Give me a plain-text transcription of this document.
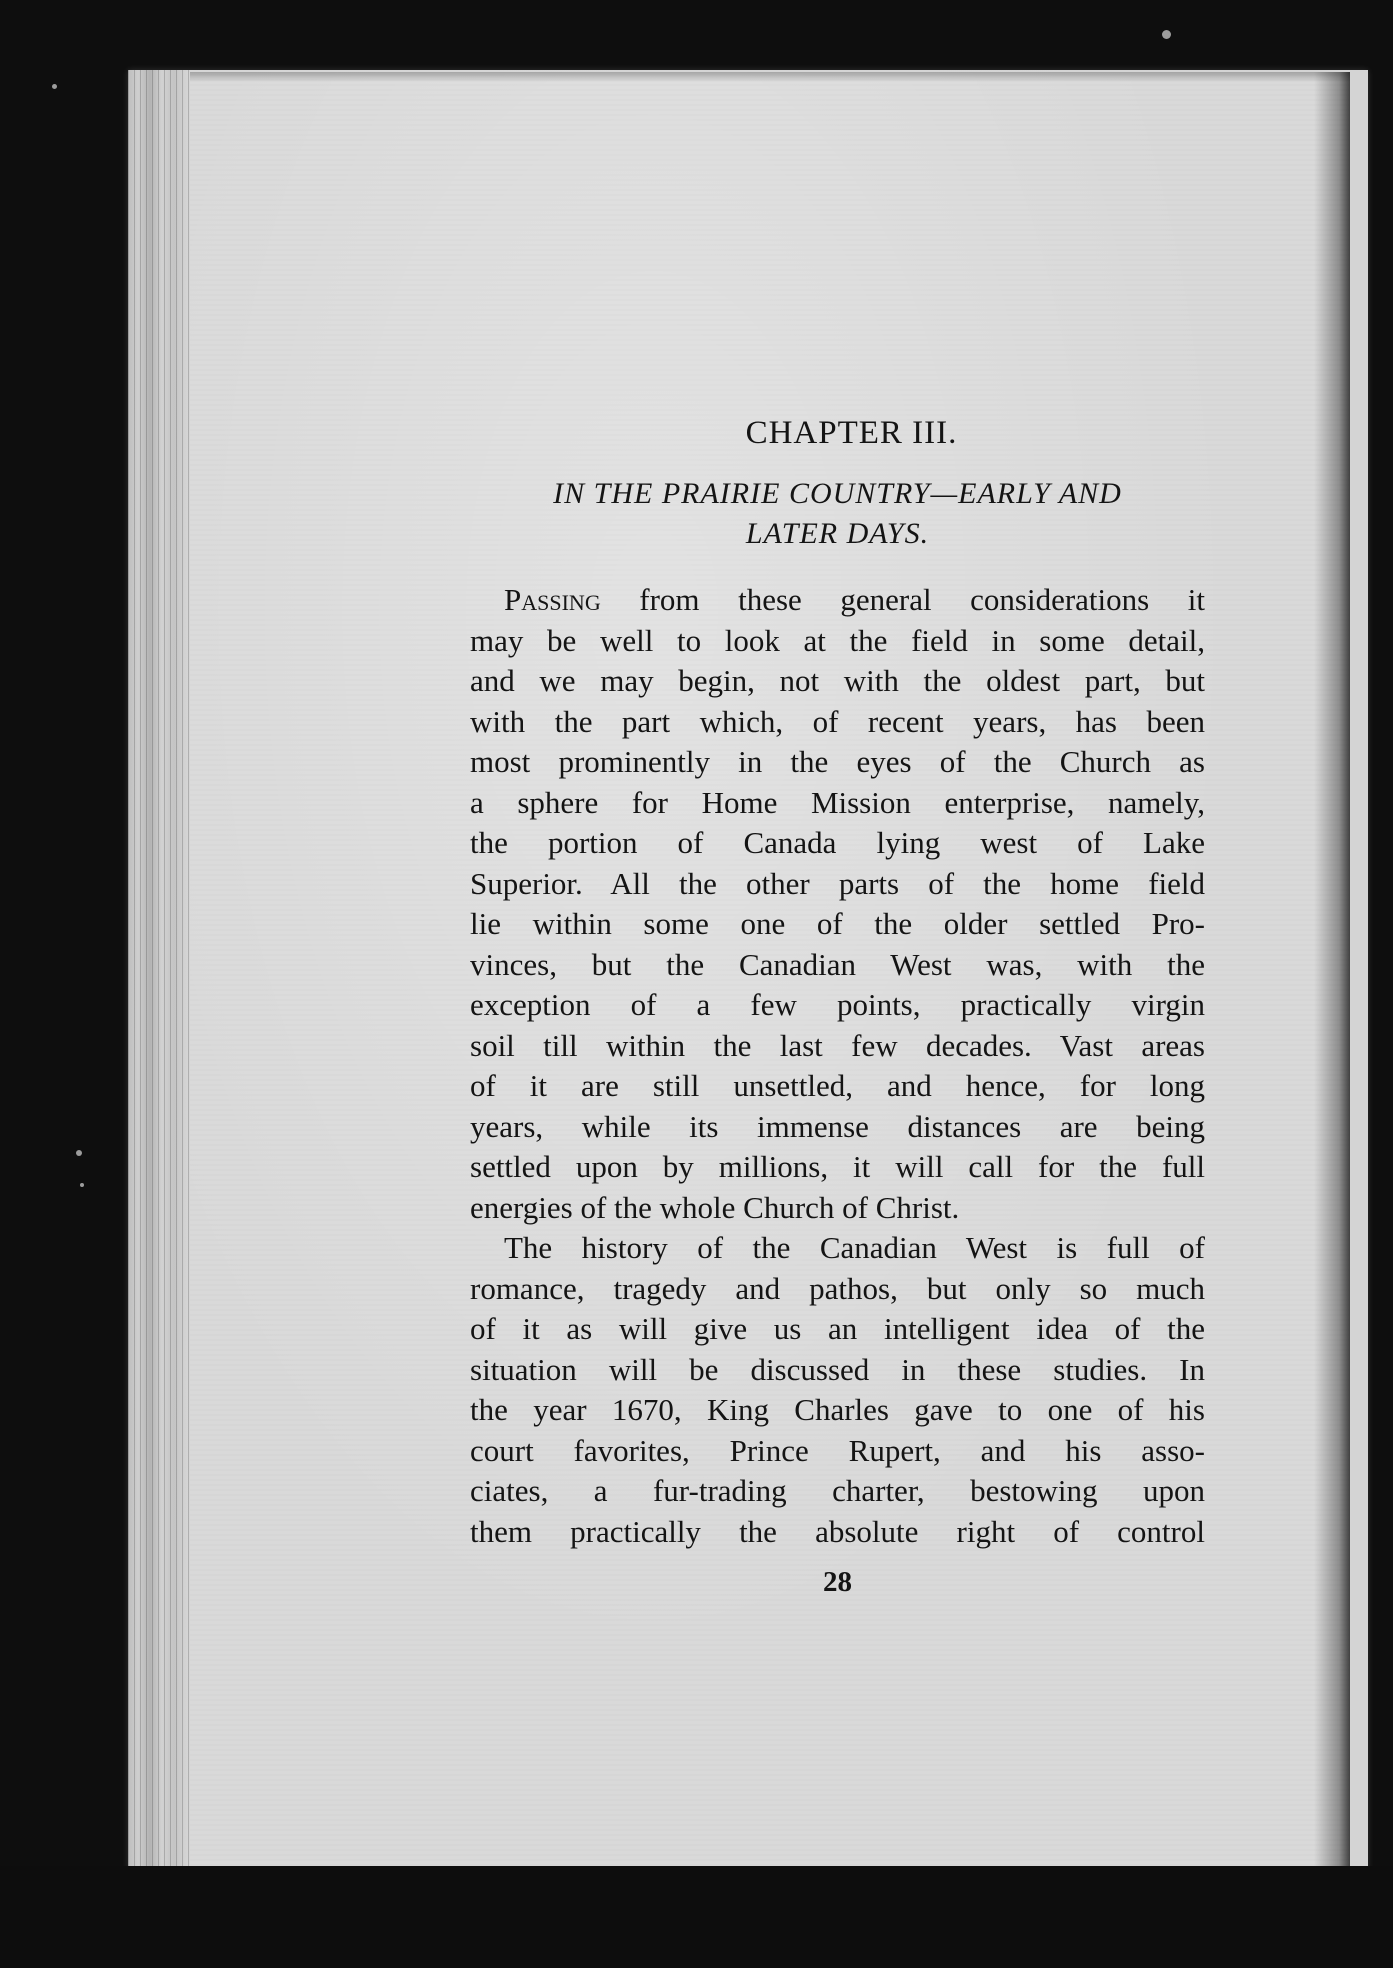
CHAPTER III.
IN THE PRAIRIE COUNTRY—EARLY AND
LATER DAYS.

Passing from these general considerations it

may be well to look at the field in some detail,

and we may begin, not with the oldest part, but

with the part which, of recent years, has been

most prominently in the eyes of the Church as

a sphere for Home Mission enterprise, namely,

the portion of Canada lying west of Lake

Superior. All the other parts of the home field

lie within some one of the older settled Pro-

vinces, but the Canadian West was, with the

exception of a few points, practically virgin

soil till within the last few decades. Vast areas

of it are still unsettled, and hence, for long

years, while its immense distances are being

settled upon by millions, it will call for the full

energies of the whole Church of Christ.

The history of the Canadian West is full of

romance, tragedy and pathos, but only so much

of it as will give us an intelligent idea of the

situation will be discussed in these studies. In

the year 1670, King Charles gave to one of his

court favorites, Prince Rupert, and his asso-

ciates, a fur-trading charter, bestowing upon

them practically the absolute right of control

28
